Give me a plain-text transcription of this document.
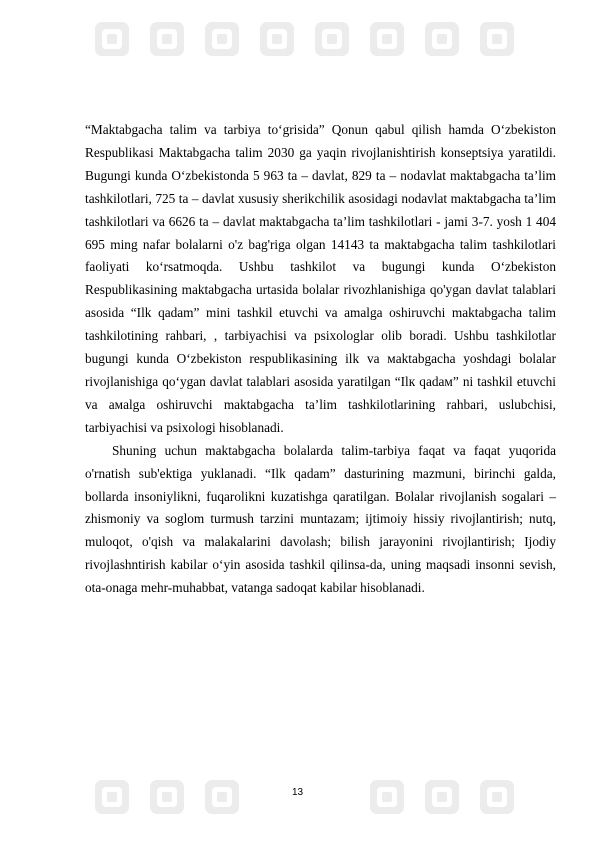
“Maktabgacha talim va tarbiya to‘grisida” Qonun qabul qilish hamda O‘zbekiston Respublikasi Maktabgacha talim 2030 ga yaqin rivojlanishtirish konseptsiya yaratildi. Bugungi kunda O‘zbekistonda 5 963 ta – davlat, 829 ta – nodavlat maktabgacha ta’lim tashkilotlari, 725 ta – davlat xususiy sherikchilik asosidagi nodavlat maktabgacha ta’lim tashkilotlari va 6626 ta – davlat maktabgacha ta’lim tashkilotlari - jami 3-7. yosh 1 404 695 ming nafar bolalarni o'z bag'riga olgan 14143 ta maktabgacha talim tashkilotlari faoliyati ko‘rsatmoqda. Ushbu tashkilot va bugungi kunda O‘zbekiston Respublikasining maktabgacha urtasida bolalar rivozhlanishiga qo'ygan davlat talablari asosida “Ilk qadam” mini tashkil etuvchi va amalga oshiruvchi maktabgacha talim tashkilotining rahbari, , tarbiyachisi va psixologlar olib boradi. Ushbu tashkilotlar bugungi kunda O‘zbekiston respublikasining ilk va мaktabgacha yoshdagi bolalar rivojlanishiga qo‘ygan davlat talablari asosida yaratilgan “Ilк qadaм” ni tashkil etuvchi va aмalga oshiruvchi maktabgacha ta’lim tashkilotlarining rahbari, uslubchisi, tarbiyachisi va psixologi hisoblanadi.

Shuning uchun maktabgacha bolalarda talim-tarbiya faqat va faqat yuqorida o'rnatish sub'ektiga yuklanadi. “Ilk qadam” dasturining mazmuni, birinchi galda, bollarda insoniylikni, fuqarolikni kuzatishga qaratilgan. Bolalar rivojlanish sogalari – zhismoniy va soglom turmush tarzini muntazam; ijtimoiy hissiy rivojlantirish; nutq, muloqot, o'qish va malakalarini davolash; bilish jarayonini rivojlantirish; Ijodiy rivojlashntirish kabilar o‘yin asosida tashkil qilinsa-da, uning maqsadi insonni sevish, ota-onaga mehr-muhabbat, vatanga sadoqat kabilar hisoblanadi.

13
